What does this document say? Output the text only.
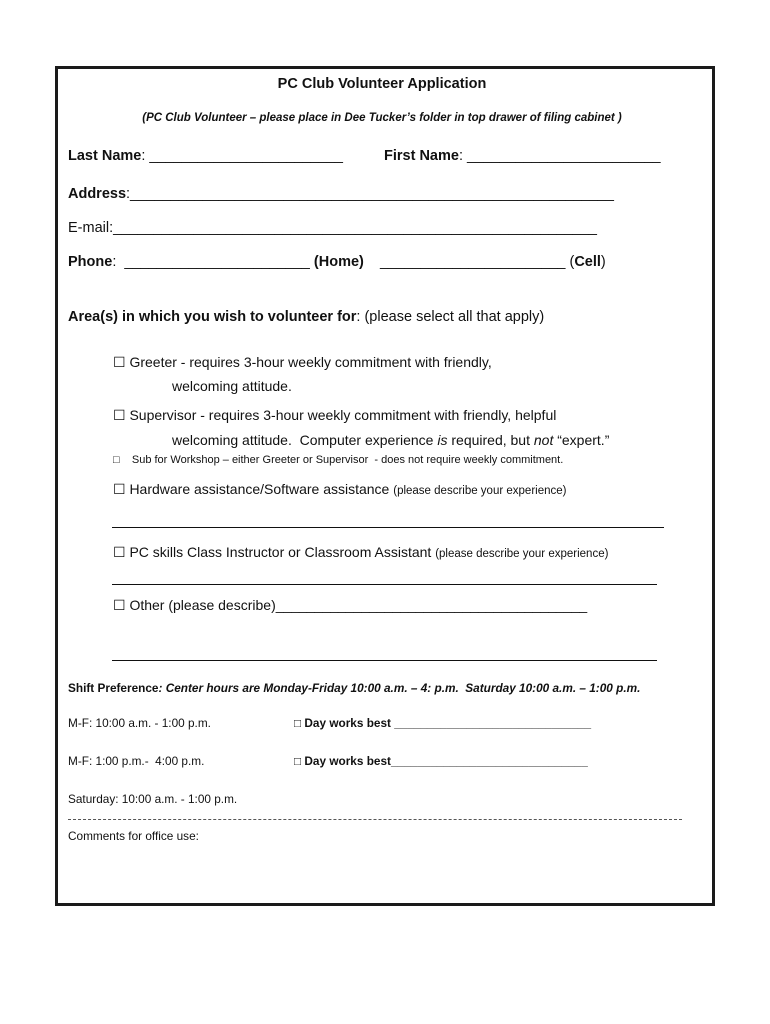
PC Club Volunteer Application
(PC Club Volunteer – please place in Dee Tucker’s folder in top drawer of filing cabinet )
Last Name: ________________________	First Name: ________________________
Address:____________________________________________________________
E-mail:____________________________________________________________
Phone:  _______________________ (Home)    _______________________ (Cell)
Area(s) in which you wish to volunteer for: (please select all that apply)
☐ Greeter - requires 3-hour weekly commitment with friendly,
welcoming attitude.
☐ Supervisor - requires 3-hour weekly commitment with friendly, helpful
welcoming attitude.  Computer experience is required, but not “expert.”
□    Sub for Workshop – either Greeter or Supervisor  - does not require weekly commitment.
☐ Hardware assistance/Software assistance (please describe your experience)
☐ PC skills Class Instructor or Classroom Assistant (please describe your experience)
☐ Other (please describe)________________________________________
Shift Preference: Center hours are Monday-Friday 10:00 a.m. – 4: p.m.  Saturday 10:00 a.m. – 1:00 p.m.
M-F: 10:00 a.m. - 1:00 p.m.	□ Day works best ______________________________
M-F: 1:00 p.m.-  4:00 p.m.	□ Day works best______________________________
Saturday: 10:00 a.m. - 1:00 p.m.
Comments for office use:
